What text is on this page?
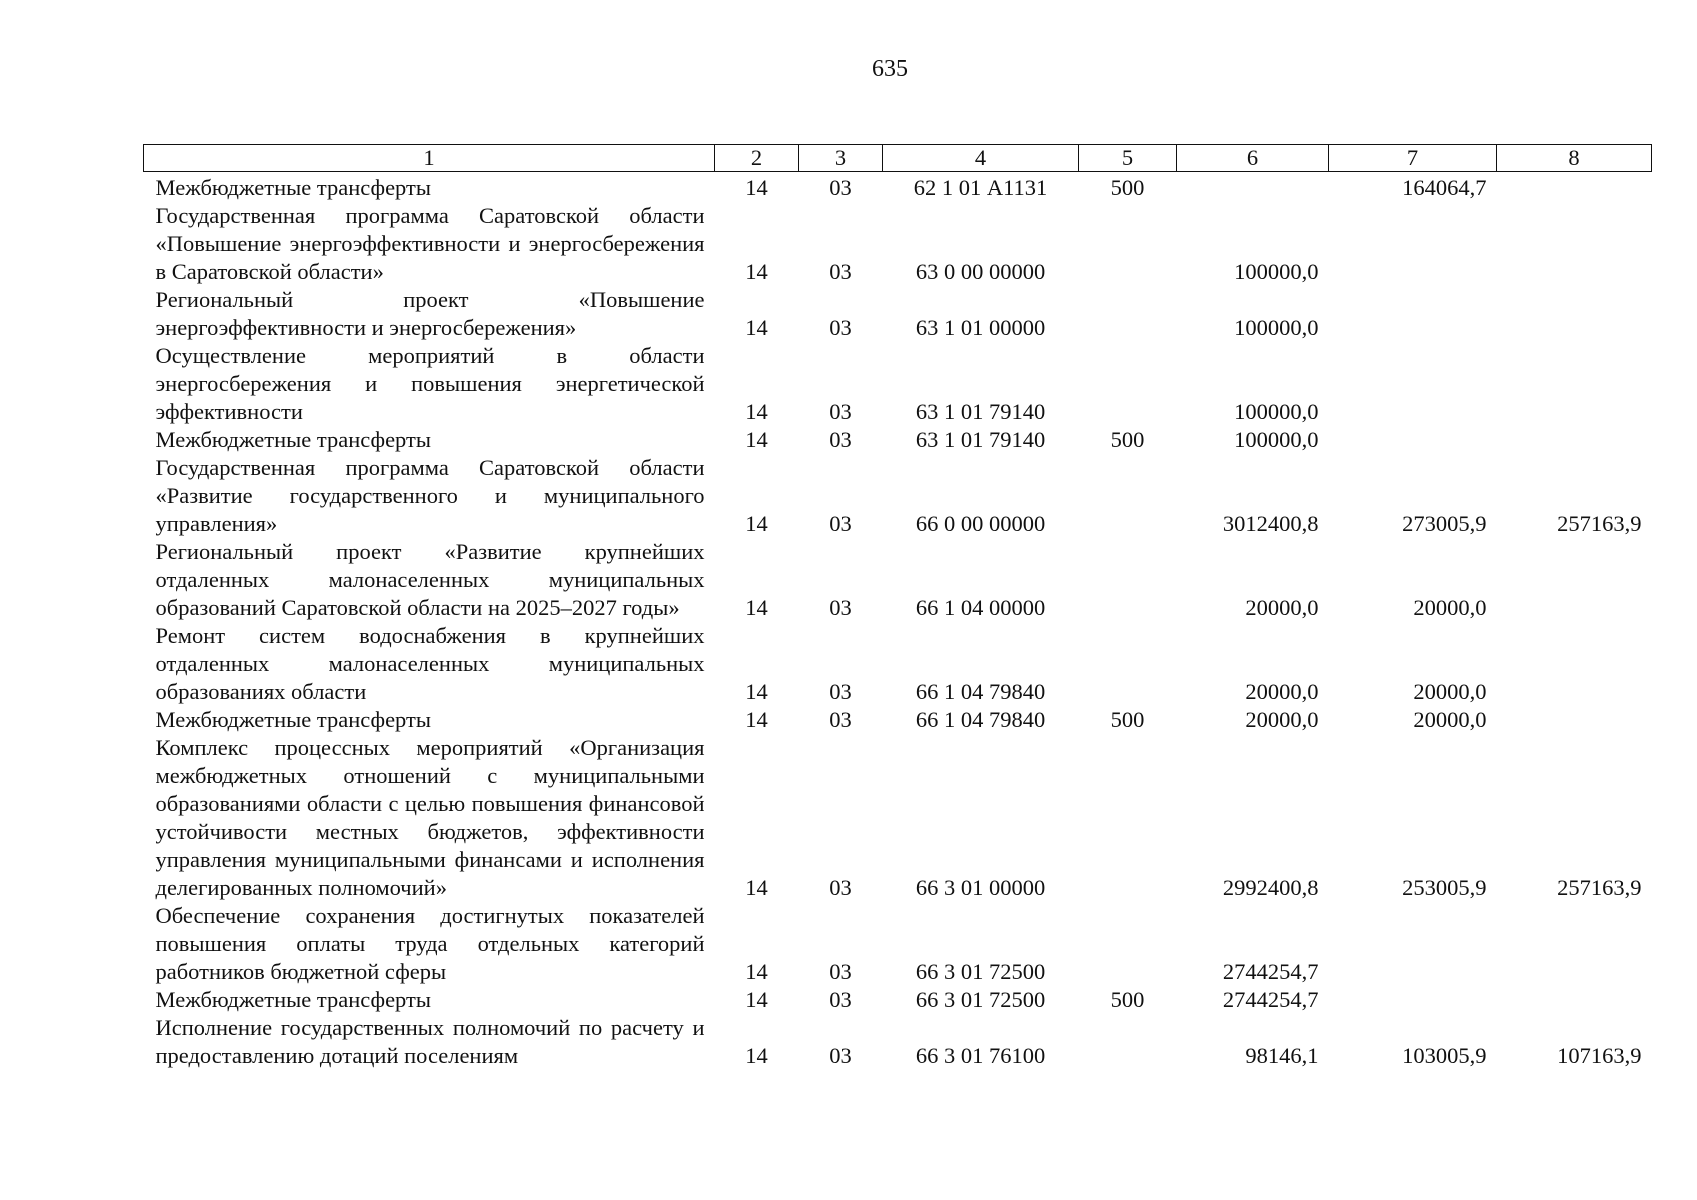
635
1	2	3	4	5	6	7	8
Межбюджетные трансферты	14	03	62 1 01 А1131	500		164064,7	
Государственная программа Саратовской области «Повышение энергоэффективности и энергосбережения в Саратовской области»	14	03	63 0 00 00000		100000,0		
Региональный проект «Повышение энергоэффективности и энергосбережения»	14	03	63 1 01 00000		100000,0		
Осуществление мероприятий в области энергосбережения и повышения энергетической эффективности	14	03	63 1 01 79140		100000,0		
Межбюджетные трансферты	14	03	63 1 01 79140	500	100000,0		
Государственная программа Саратовской области «Развитие государственного и муниципального управления»	14	03	66 0 00 00000		3012400,8	273005,9	257163,9
Региональный проект «Развитие крупнейших отдаленных малонаселенных муниципальных образований Саратовской области на 2025–2027 годы»	14	03	66 1 04 00000		20000,0	20000,0	
Ремонт систем водоснабжения в крупнейших отдаленных малонаселенных муниципальных образованиях области	14	03	66 1 04 79840		20000,0	20000,0	
Межбюджетные трансферты	14	03	66 1 04 79840	500	20000,0	20000,0	
Комплекс процессных мероприятий «Организация межбюджетных отношений с муниципальными образованиями области с целью повышения финансовой устойчивости местных бюджетов, эффективности управления муниципальными финансами и исполнения делегированных полномочий»	14	03	66 3 01 00000		2992400,8	253005,9	257163,9
Обеспечение сохранения достигнутых показателей повышения оплаты труда отдельных категорий работников бюджетной сферы	14	03	66 3 01 72500		2744254,7		
Межбюджетные трансферты	14	03	66 3 01 72500	500	2744254,7		
Исполнение государственных полномочий по расчету и предоставлению дотаций поселениям	14	03	66 3 01 76100		98146,1	103005,9	107163,9
